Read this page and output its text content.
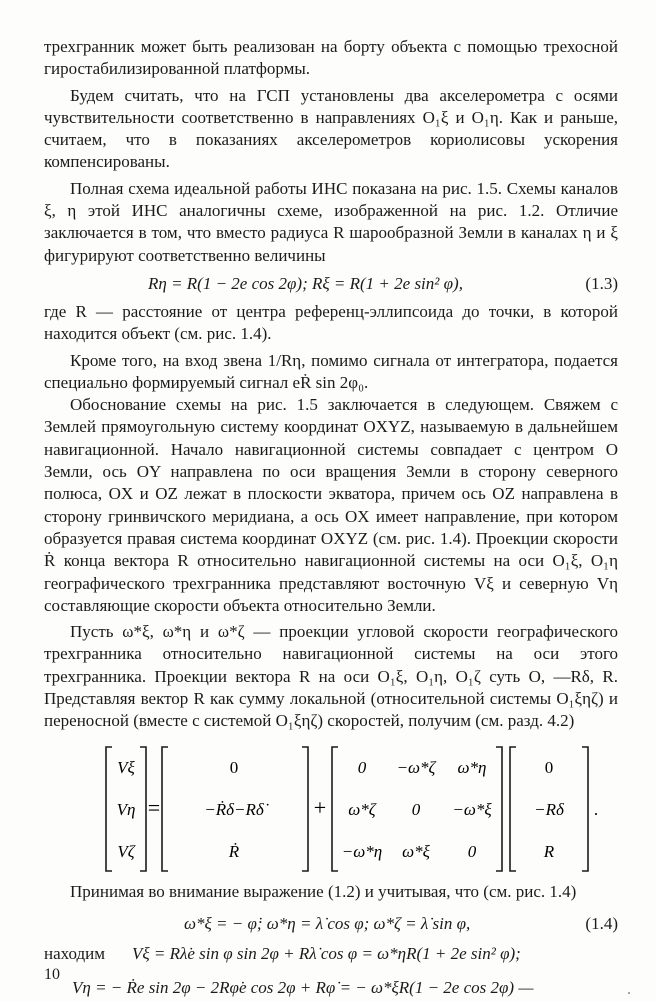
трехгранник может быть реализован на борту объекта с помощью трехосной гиростабилизированной платформы.

Будем считать, что на ГСП установлены два акселерометра с осями чувствительности соответственно в направлениях O₁ξ и O₁η. Как и раньше, считаем, что в показаниях акселерометров кориолисовы ускорения компенсированы.

Полная схема идеальной работы ИНС показана на рис. 1.5. Схемы каналов ξ, η этой ИНС аналогичны схеме, изображенной на рис. 1.2. Отличие заключается в том, что вместо радиуса R шарообразной Земли в каналах η и ξ фигурируют соответственно величины

Rη = R(1 − 2e cos 2φ); Rξ = R(1 + 2e sin² φ),	(1.3)

где R — расстояние от центра референц-эллипсоида до точки, в которой находится объект (см. рис. 1.4).

Кроме того, на вход звена 1/Rη, помимо сигнала от интегратора, подается специально формируемый сигнал eṘ sin 2φ₀.

Обоснование схемы на рис. 1.5 заключается в следующем. Свяжем с Землей прямоугольную систему координат OXYZ, называемую в дальнейшем навигационной. Начало навигационной системы совпадает с центром O Земли, ось OY направлена по оси вращения Земли в сторону северного полюса, OX и OZ лежат в плоскости экватора, причем ось OZ направлена в сторону гринвичского меридиана, а ось OX имеет направление, при котором образуется правая система координат OXYZ (см. рис. 1.4). Проекции скорости Ṙ конца вектора R относительно навигационной системы на оси O₁ξ, O₁η географического трехгранника представляют восточную Vξ и северную Vη составляющие скорости объекта относительно Земли.

Пусть ω*ξ, ω*η и ω*ζ — проекции угловой скорости географического трехгранника относительно навигационной системы на оси этого трехгранника. Проекции вектора R на оси O₁ξ, O₁η, O₁ζ суть O, —Rδ, R. Представляя вектор R как сумму локальной (относительной системы O₁ξηζ) и переносной (вместе с системой O₁ξηζ) скоростей, получим (см. разд. 4.2)

Vξ
Vη
Vζ
=
0
−Ṙδ−Rδ̇
Ṙ
+
0 −ω*ζ ω*η
ω*ζ 0 −ω*ξ
−ω*η ω*ξ 0
0
−Rδ
R
.

Принимая во внимание выражение (1.2) и учитывая, что (см. рис. 1.4)

ω*ξ = − φ̇; ω*η = λ̇ cos φ; ω*ζ = λ̇ sin φ,	(1.4)
находим Vξ = Rλ̇e sin φ sin 2φ + Rλ̇ cos φ = ω*ηR(1 + 2e sin² φ);
Vη = − Ṙe sin 2φ − 2Rφ̇e cos 2φ + Rφ̇ = − ω*ξR(1 − 2e cos 2φ) —
10
